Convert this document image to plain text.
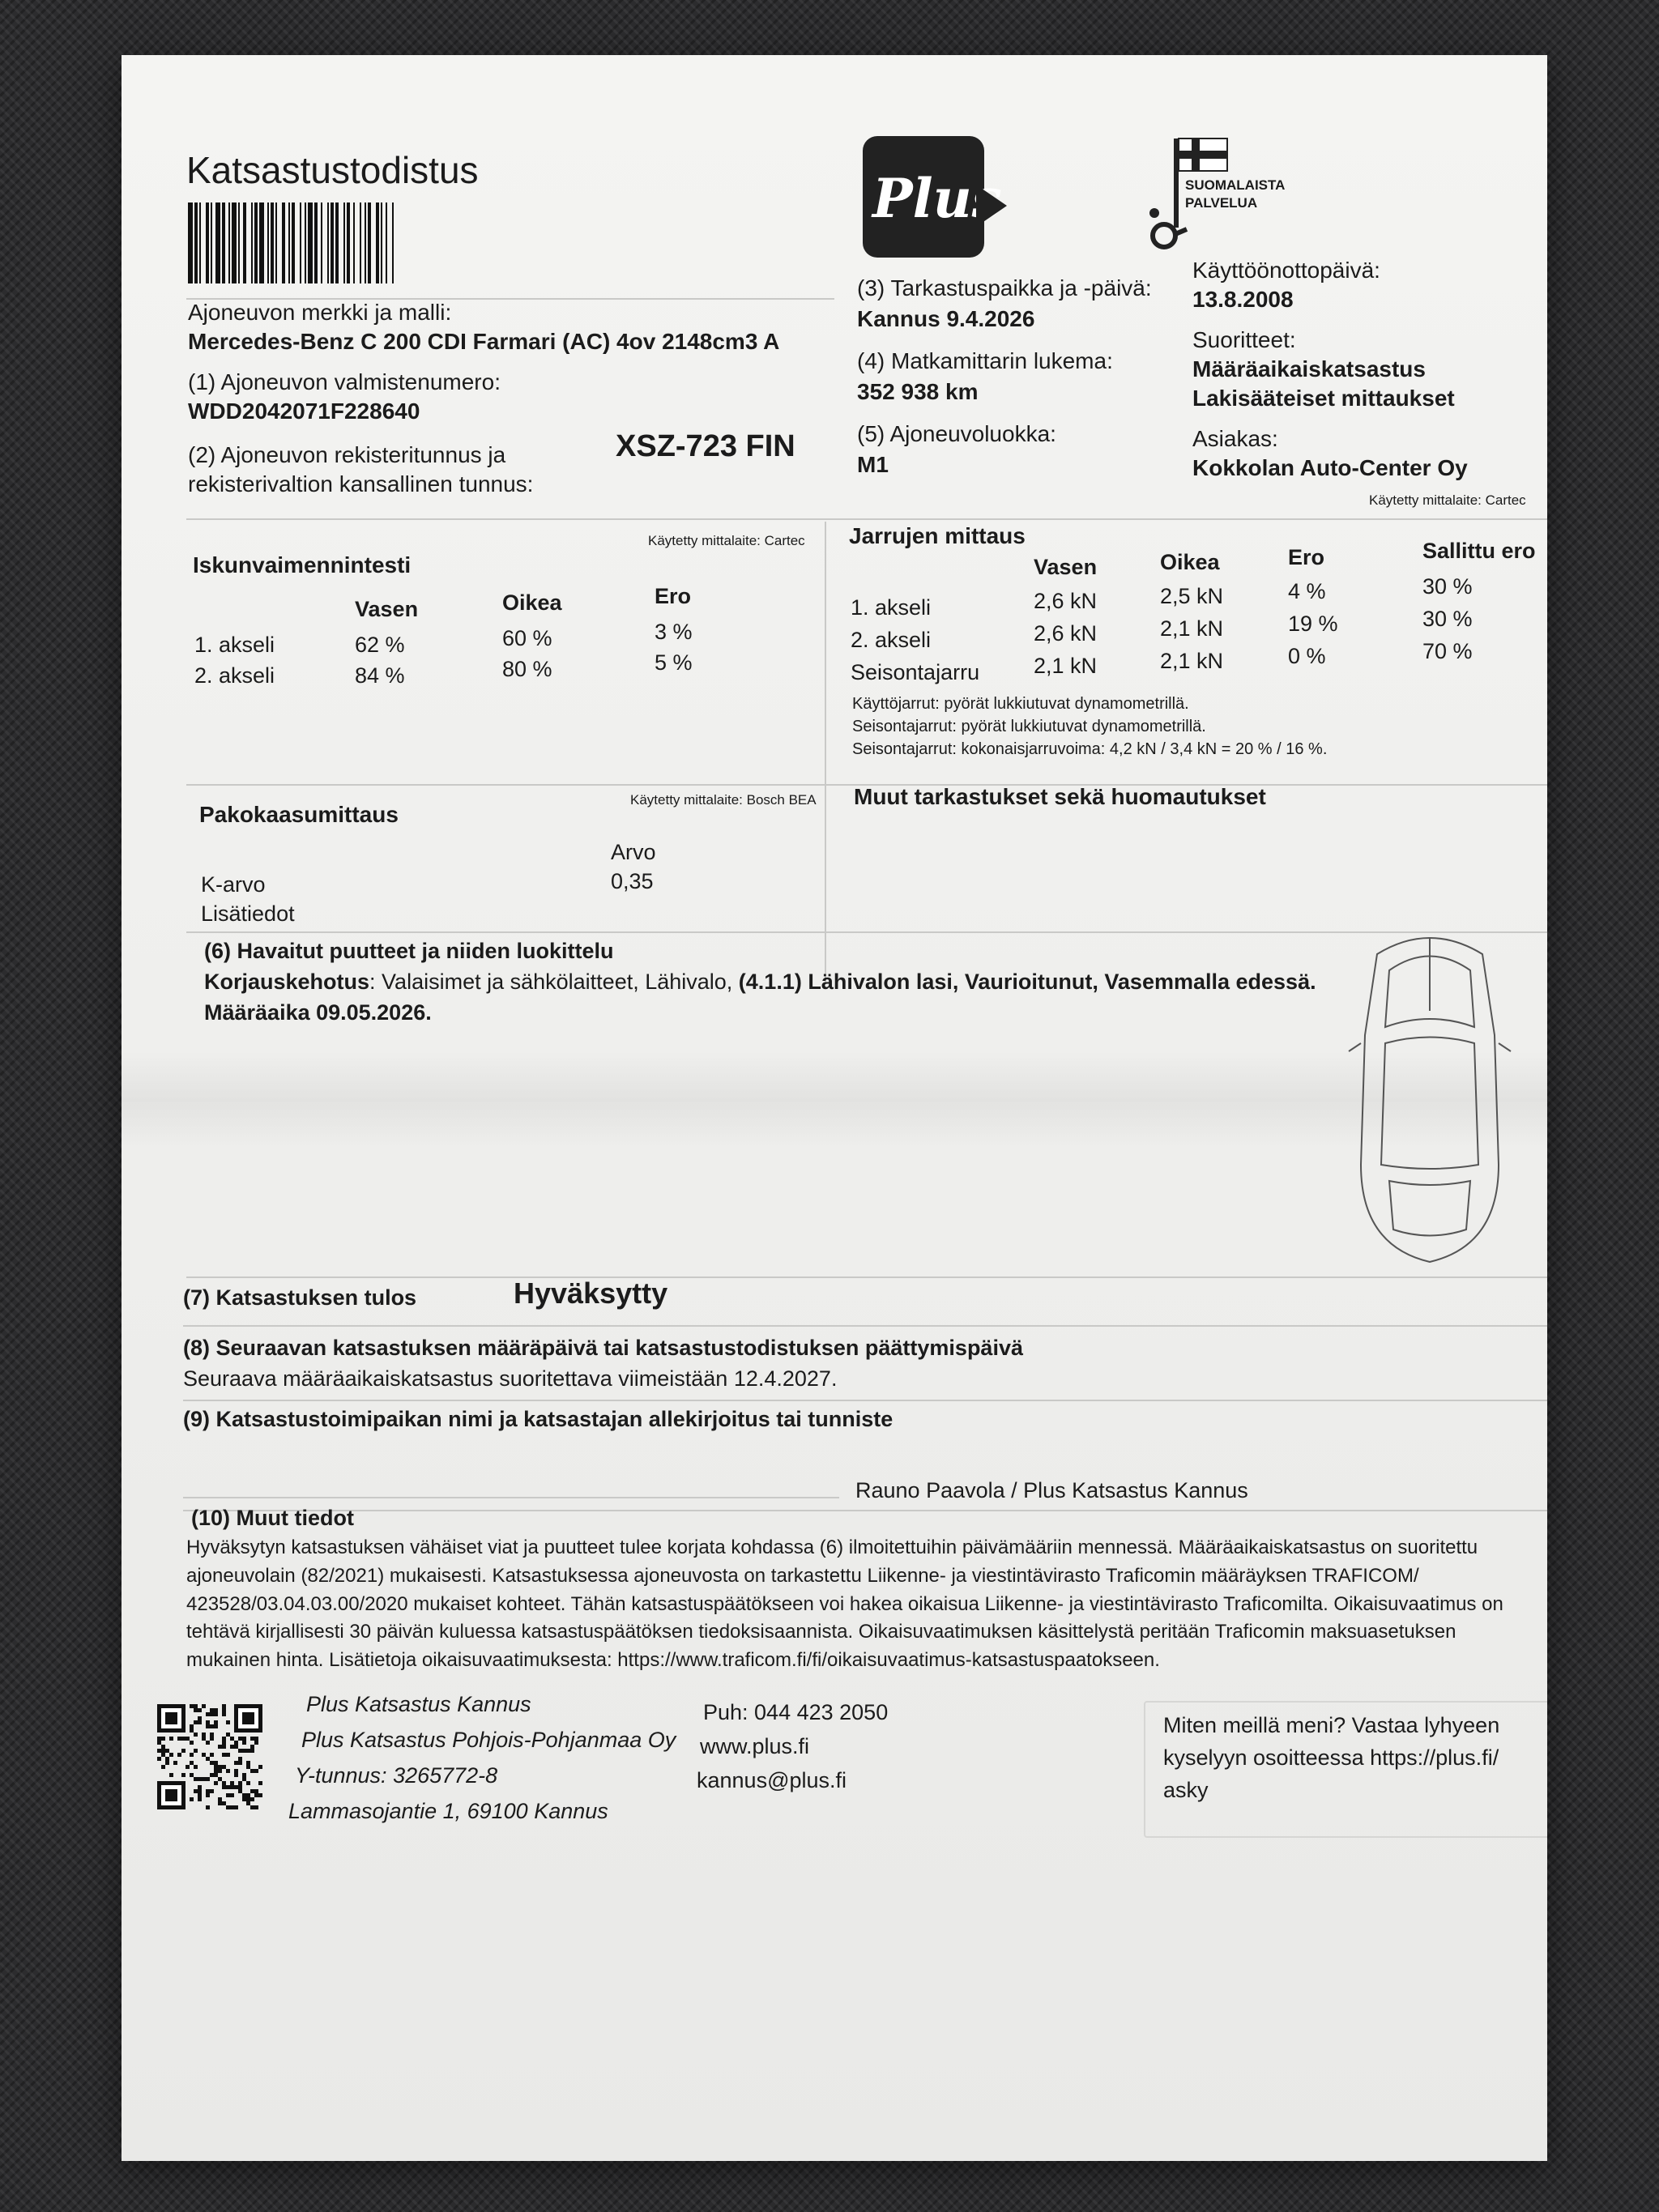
Katsastustodistus	Plus	SUOMALAISTA
PALVELUA
Ajoneuvon merkki ja malli:
Mercedes-Benz C 200 CDI Farmari (AC) 4ov 2148cm3 A
(1) Ajoneuvon valmistenumero:
WDD2042071F228640
(2) Ajoneuvon rekisteritunnus ja
rekisterivaltion kansallinen tunnus:
XSZ-723 FIN
(3) Tarkastuspaikka ja -päivä:
Kannus 9.4.2026
(4) Matkamittarin lukema:
352 938 km
(5) Ajoneuvoluokka:
M1
Käyttöönottopäivä:
13.8.2008
Suoritteet:
Määräaikaiskatsastus
Lakisääteiset mittaukset
Asiakas:
Kokkolan Auto-Center Oy
Käytetty mittalaite: Cartec
Käytetty mittalaite: Cartec
Iskunvaimennintesti
Vasen	Oikea	Ero
1. akseli	62 %	60 %	3 %
2. akseli	84 %	80 %	5 %
Jarrujen mittaus
Vasen	Oikea	Ero	Sallittu ero
1. akseli	2,6 kN	2,5 kN	4 %	30 %
2. akseli	2,6 kN	2,1 kN	19 %	30 %
Seisontajarru 2,1 kN	2,1 kN	0 %	70 %
Käyttöjarrut: pyörät lukkiutuvat dynamometrillä.
Seisontajarrut: pyörät lukkiutuvat dynamometrillä.
Seisontajarrut: kokonaisjarruvoima: 4,2 kN / 3,4 kN = 20 % / 16 %.
Käytetty mittalaite: Bosch BEA
Pakokaasumittaus
Arvo
K-arvo	0,35
Lisätiedot
Muut tarkastukset sekä huomautukset
(6) Havaitut puutteet ja niiden luokittelu
Korjauskehotus: Valaisimet ja sähkölaitteet, Lähivalo, (4.1.1) Lähivalon lasi, Vaurioitunut, Vasemmalla edessä.
Määräaika 09.05.2026.
(7) Katsastuksen tulos	Hyväksytty
(8) Seuraavan katsastuksen määräpäivä tai katsastustodistuksen päättymispäivä
Seuraava määräaikaiskatsastus suoritettava viimeistään 12.4.2027.
(9) Katsastustoimipaikan nimi ja katsastajan allekirjoitus tai tunniste
Rauno Paavola / Plus Katsastus Kannus
(10) Muut tiedot

Hyväksytyn katsastuksen vähäiset viat ja puutteet tulee korjata kohdassa (6) ilmoitettuihin päivämääriin mennessä. Määräaikaiskatsastus on suoritettu

ajoneuvolain (82/2021) mukaisesti. Katsastuksessa ajoneuvosta on tarkastettu Liikenne- ja viestintävirasto Traficomin määräyksen TRAFICOM/

423528/03.04.03.00/2020 mukaiset kohteet. Tähän katsastuspäätökseen voi hakea oikaisua Liikenne- ja viestintävirasto Traficomilta. Oikaisuvaatimus on

tehtävä kirjallisesti 30 päivän kuluessa katsastuspäätöksen tiedoksisaannista. Oikaisuvaatimuksen käsittelystä peritään Traficomin maksuasetuksen

mukainen hinta. Lisätietoja oikaisuvaatimuksesta: https://www.traficom.fi/fi/oikaisuvaatimus-katsastuspaatokseen.

Plus Katsastus Kannus
Plus Katsastus Pohjois-Pohjanmaa Oy
Y-tunnus: 3265772-8
Lammasojantie 1, 69100 Kannus
Puh: 044 423 2050
www.plus.fi
kannus@plus.fi
Miten meillä meni? Vastaa lyhyeen
kyselyyn osoitteessa https://plus.fi/
asky
